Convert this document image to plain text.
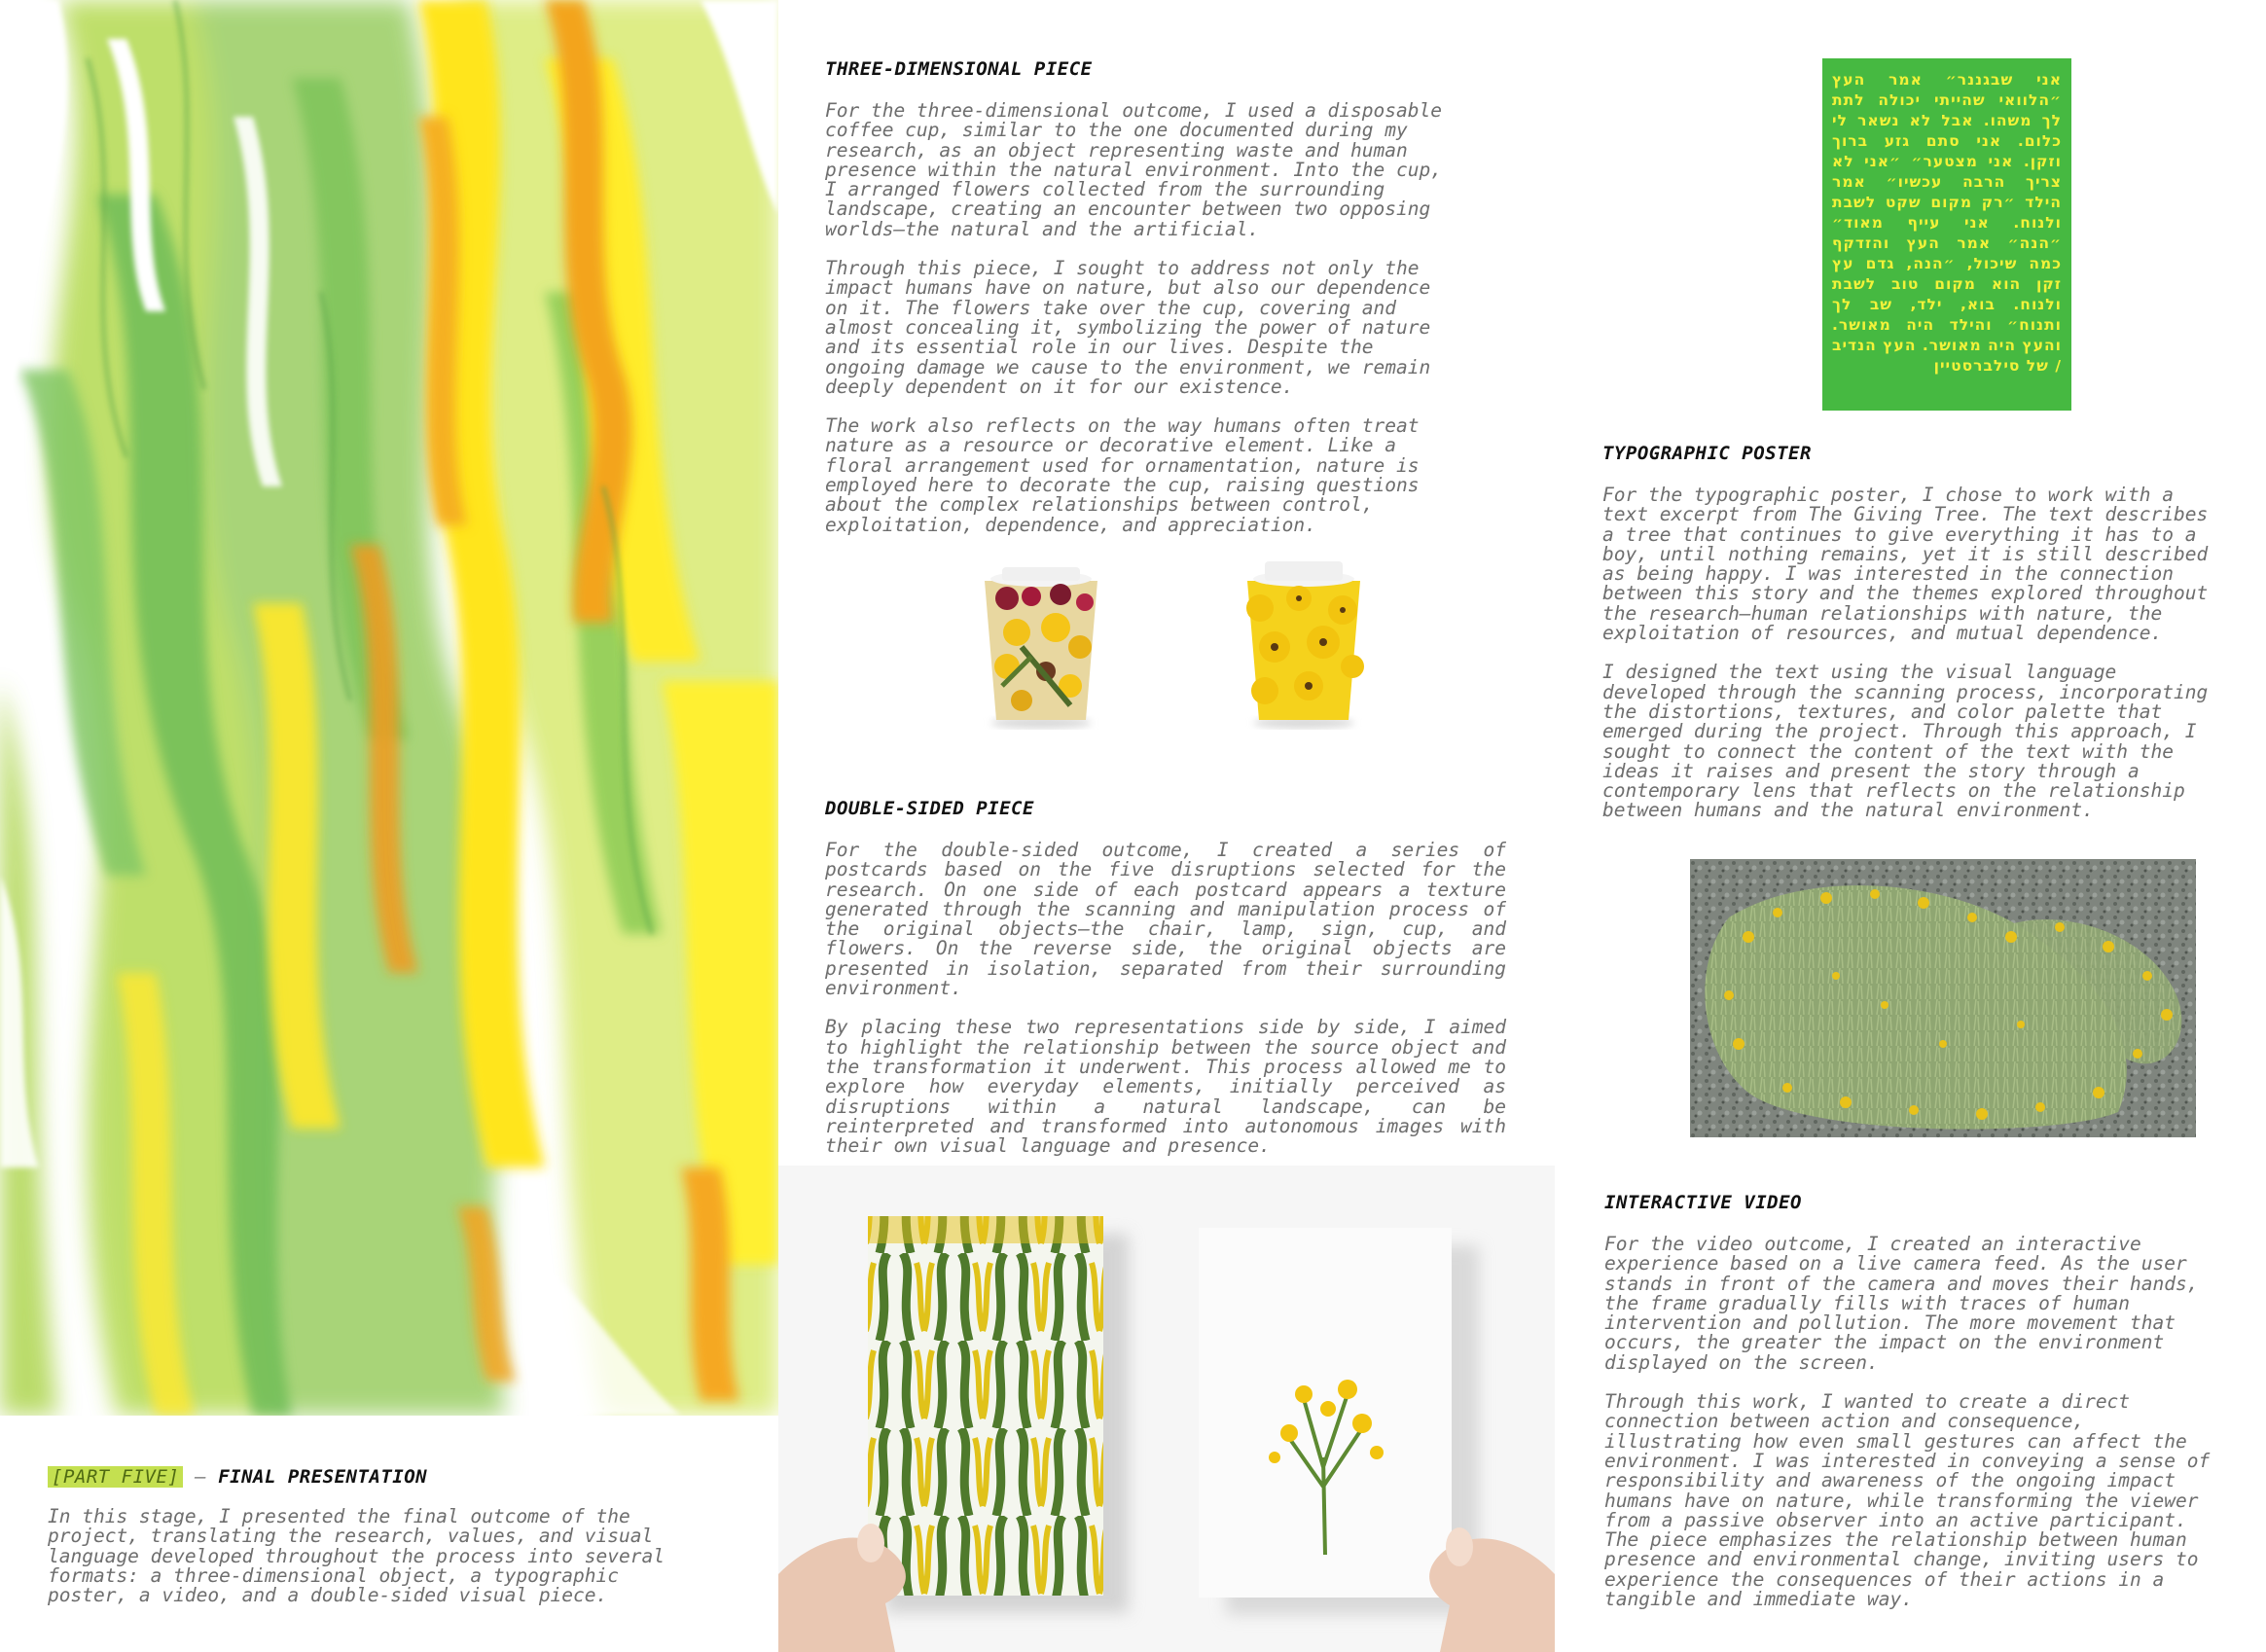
[PART FIVE] – FINAL PRESENTATION

In this stage, I presented the final outcome of the
project, translating the research, values, and visual
language developed throughout the process into several
formats: a three-dimensional object, a typographic
poster, a video, and a double-sided visual piece.

THREE-DIMENSIONAL PIECE

For the three-dimensional outcome, I used a disposable
coffee cup, similar to the one documented during my
research, as an object representing waste and human
presence within the natural environment. Into the cup,
I arranged flowers collected from the surrounding
landscape, creating an encounter between two opposing
worlds—the natural and the artificial.

Through this piece, I sought to address not only the
impact humans have on nature, but also our dependence
on it. The flowers take over the cup, covering and
almost concealing it, symbolizing the power of nature
and its essential role in our lives. Despite the
ongoing damage we cause to the environment, we remain
deeply dependent on it for our existence.

The work also reflects on the way humans often treat
nature as a resource or decorative element. Like a
floral arrangement used for ornamentation, nature is
employed here to decorate the cup, raising questions
about the complex relationships between control,
exploitation, dependence, and appreciation.

DOUBLE-SIDED PIECE

For the double-sided outcome, I created a series of postcards based on the five disruptions selected for the research. On one side of each postcard appears a texture generated through the scanning and manipulation process of the original objects—the chair, lamp, sign, cup, and flowers. On the reverse side, the original objects are presented in isolation, separated from their surrounding environment.

By placing these two representations side by side, I aimed to highlight the relationship between the source object and the transformation it underwent. This process allowed me to explore how everyday elements, initially perceived as disruptions within a natural landscape, can be reinterpreted and transformed into autonomous images with their own visual language and presence.

אני שבגננר״ אמר העץ ״הלוואי שהייתי יכולה לתת לך משהו. אבל לא נשאר לי כלום. אני סתם גזע ברוך וזקן. אני מצטער״ ״אני לא צריך הרבה עכשיו״ אמר הילד ״רק מקום שקט לשבת ולנוח. אני עייף מאוד״ ״הנה״ אמר העץ והזדקף כמה שיכול, ״הנה, גדם עץ זקן הוא מקום טוב לשבת ולנוח. בוא, ילד, שב לך ותנוח״ והילד היה מאושר. והעץ היה מאושר. העץ הנדיב / של סילברסטיין

TYPOGRAPHIC POSTER

For the typographic poster, I chose to work with a
text excerpt from The Giving Tree. The text describes
a tree that continues to give everything it has to a
boy, until nothing remains, yet it is still described
as being happy. I was interested in the connection
between this story and the themes explored throughout
the research—human relationships with nature, the
exploitation of resources, and mutual dependence.

I designed the text using the visual language
developed through the scanning process, incorporating
the distortions, textures, and color palette that
emerged during the project. Through this approach, I
sought to connect the content of the text with the
ideas it raises and present the story through a
contemporary lens that reflects on the relationship
between humans and the natural environment.

INTERACTIVE VIDEO

For the video outcome, I created an interactive
experience based on a live camera feed. As the user
stands in front of the camera and moves their hands,
the frame gradually fills with traces of human
intervention and pollution. The more movement that
occurs, the greater the impact on the environment
displayed on the screen.

Through this work, I wanted to create a direct
connection between action and consequence,
illustrating how even small gestures can affect the
environment. I was interested in conveying a sense of
responsibility and awareness of the ongoing impact
humans have on nature, while transforming the viewer
from a passive observer into an active participant.
The piece emphasizes the relationship between human
presence and environmental change, inviting users to
experience the consequences of their actions in a
tangible and immediate way.
